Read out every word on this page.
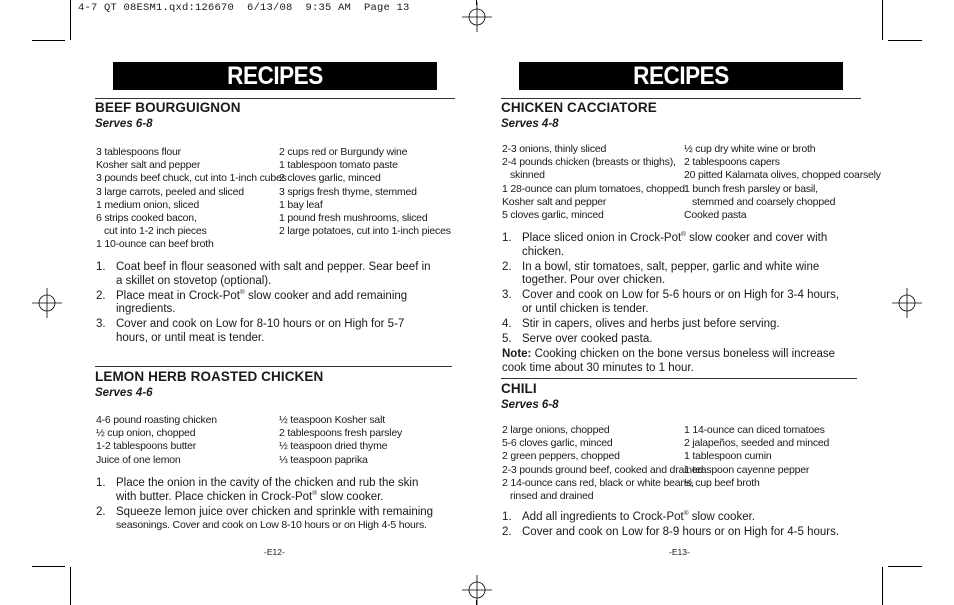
4-7 QT 08ESM1.qxd:126670  6/13/08  9:35 AM  Page 13
RECIPES
BEEF BOURGUIGNON
Serves 6-8
3 tablespoons flour
Kosher salt and pepper
3 pounds beef chuck, cut into 1-inch cubes
3 large carrots, peeled and sliced
1 medium onion, sliced
6 strips cooked bacon,
cut into 1-2 inch pieces
1 10-ounce can beef broth
2 cups red or Burgundy wine
1 tablespoon tomato paste
2 cloves garlic, minced
3 sprigs fresh thyme, stemmed
1 bay leaf
1 pound fresh mushrooms, sliced
2 large potatoes, cut into 1-inch pieces
1. Coat beef in flour seasoned with salt and pepper. Sear beef in a skillet on stovetop (optional).
2. Place meat in Crock-Pot® slow cooker and add remaining ingredients.
3. Cover and cook on Low for 8-10 hours or on High for 5-7 hours, or until meat is tender.
LEMON HERB ROASTED CHICKEN
Serves 4-6
4-6 pound roasting chicken
½ cup onion, chopped
1-2 tablespoons butter
Juice of one lemon
½ teaspoon Kosher salt
2 tablespoons fresh parsley
½ teaspoon dried thyme
⅓ teaspoon paprika
1. Place the onion in the cavity of the chicken and rub the skin with butter. Place chicken in Crock-Pot® slow cooker.
2. Squeeze lemon juice over chicken and sprinkle with remaining
seasonings. Cover and cook on Low 8-10 hours or on High 4-5 hours.
-E12-
RECIPES
CHICKEN CACCIATORE
Serves 4-8
2-3 onions, thinly sliced
2-4 pounds chicken (breasts or thighs),
skinned
1 28-ounce can plum tomatoes, chopped
Kosher salt and pepper
5 cloves garlic, minced
½ cup dry white wine or broth
2 tablespoons capers
20 pitted Kalamata olives, chopped coarsely
1 bunch fresh parsley or basil,
stemmed and coarsely chopped
Cooked pasta
1. Place sliced onion in Crock-Pot® slow cooker and cover with chicken.
2. In a bowl, stir tomatoes, salt, pepper, garlic and white wine together. Pour over chicken.
3. Cover and cook on Low for 5-6 hours or on High for 3-4 hours, or until chicken is tender.
4. Stir in capers, olives and herbs just before serving.
5. Serve over cooked pasta.
Note: Cooking chicken on the bone versus boneless will increase cook time about 30 minutes to 1 hour.
CHILI
Serves 6-8
2 large onions, chopped
5-6 cloves garlic, minced
2 green peppers, chopped
2-3 pounds ground beef, cooked and drained
2 14-ounce cans red, black or white beans,
rinsed and drained
1 14-ounce can diced tomatoes
2 jalapeños, seeded and minced
1 tablespoon cumin
1 teaspoon cayenne pepper
½ cup beef broth
1. Add all ingredients to Crock-Pot® slow cooker.
2. Cover and cook on Low for 8-9 hours or on High for 4-5 hours.
-E13-
